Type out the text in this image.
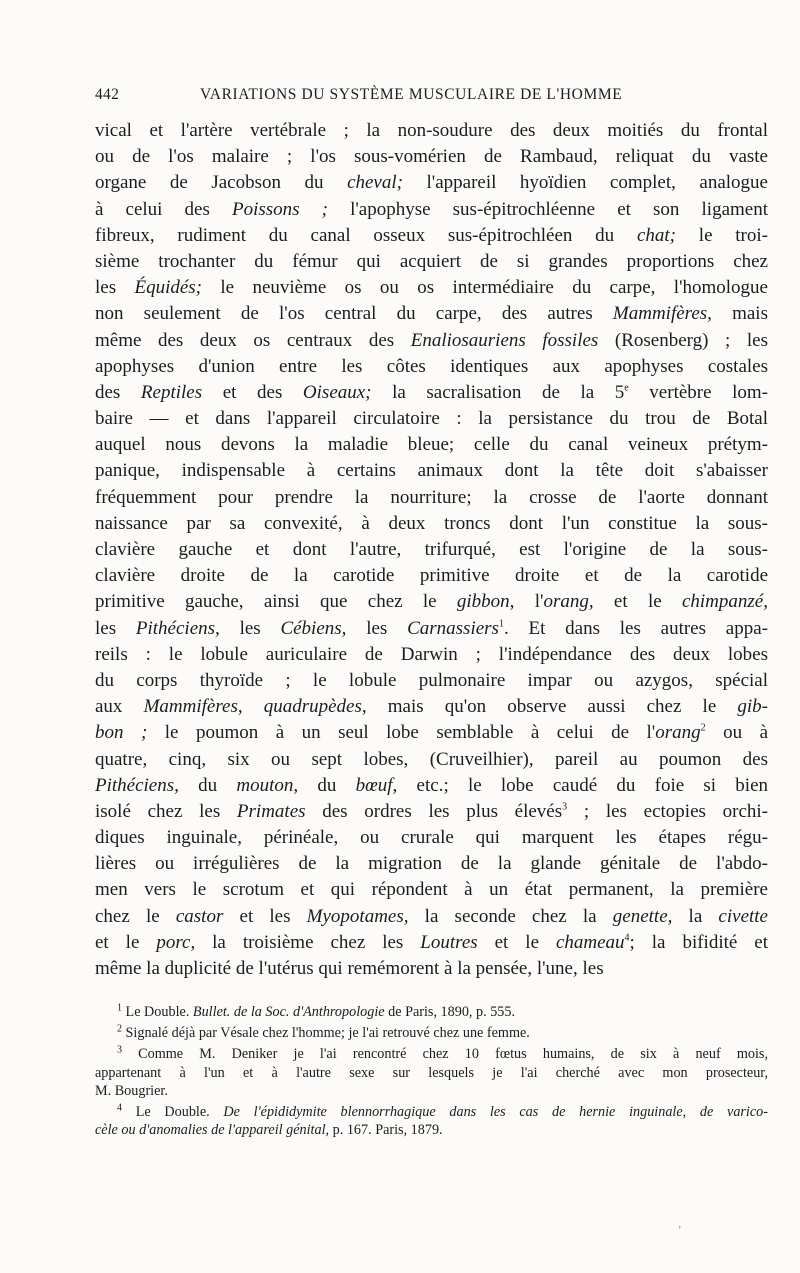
442	VARIATIONS DU SYSTÈME MUSCULAIRE DE L'HOMME
vical et l'artère vertébrale ; la non-soudure des deux moitiés du frontal
ou de l'os malaire ; l'os sous-vomérien de Rambaud, reliquat du vaste
organe de Jacobson du cheval; l'appareil hyoïdien complet, analogue
à celui des Poissons ; l'apophyse sus-épitrochléenne et son ligament
fibreux, rudiment du canal osseux sus-épitrochléen du chat; le troi-
sième trochanter du fémur qui acquiert de si grandes proportions chez
les Équidés; le neuvième os ou os intermédiaire du carpe, l'homologue
non seulement de l'os central du carpe, des autres Mammifères, mais
même des deux os centraux des Enaliosauriens fossiles (Rosenberg) ; les
apophyses d'union entre les côtes identiques aux apophyses costales
des Reptiles et des Oiseaux; la sacralisation de la 5e vertèbre lom-
baire — et dans l'appareil circulatoire : la persistance du trou de Botal
auquel nous devons la maladie bleue; celle du canal veineux prétym-
panique, indispensable à certains animaux dont la tête doit s'abaisser
fréquemment pour prendre la nourriture; la crosse de l'aorte donnant
naissance par sa convexité, à deux troncs dont l'un constitue la sous-
clavière gauche et dont l'autre, trifurqué, est l'origine de la sous-
clavière droite de la carotide primitive droite et de la carotide
primitive gauche, ainsi que chez le gibbon, l'orang, et le chimpanzé,
les Pithéciens, les Cébiens, les Carnassiers$^1$. Et dans les autres appa-
reils : le lobule auriculaire de Darwin ; l'indépendance des deux lobes
du corps thyroïde ; le lobule pulmonaire impar ou azygos, spécial
aux Mammifères, quadrupèdes, mais qu'on observe aussi chez le gib-
bon ; le poumon à un seul lobe semblable à celui de l'orang$^2$ ou à
quatre, cinq, six ou sept lobes, (Cruveilhier), pareil au poumon des
Pithéciens, du mouton, du bœuf, etc.; le lobe caudé du foie si bien
isolé chez les Primates des ordres les plus élevés$^3$ ; les ectopies orchi-
diques inguinale, périnéale, ou crurale qui marquent les étapes régu-
lières ou irrégulières de la migration de la glande génitale de l'abdo-
men vers le scrotum et qui répondent à un état permanent, la première
chez le castor et les Myopotames, la seconde chez la genette, la civette
et le porc, la troisième chez les Loutres et le chameau$^4$; la bifidité et
même la duplicité de l'utérus qui remémorent à la pensée, l'une, les
$^1$ Le Double. Bullet. de la Soc. d'Anthropologie de Paris, 1890, p. 555.
$^2$ Signalé déjà par Vésale chez l'homme; je l'ai retrouvé chez une femme.
$^3$ Comme M. Deniker je l'ai rencontré chez 10 fœtus humains, de six à neuf mois,
appartenant à l'un et à l'autre sexe sur lesquels je l'ai cherché avec mon prosecteur,
M. Bougrier.
$^4$ Le Double. De l'épididymite blennorrhagique dans les cas de hernie inguinale, de varico-
cèle ou d'anomalies de l'appareil génital, p. 167. Paris, 1879.
’
